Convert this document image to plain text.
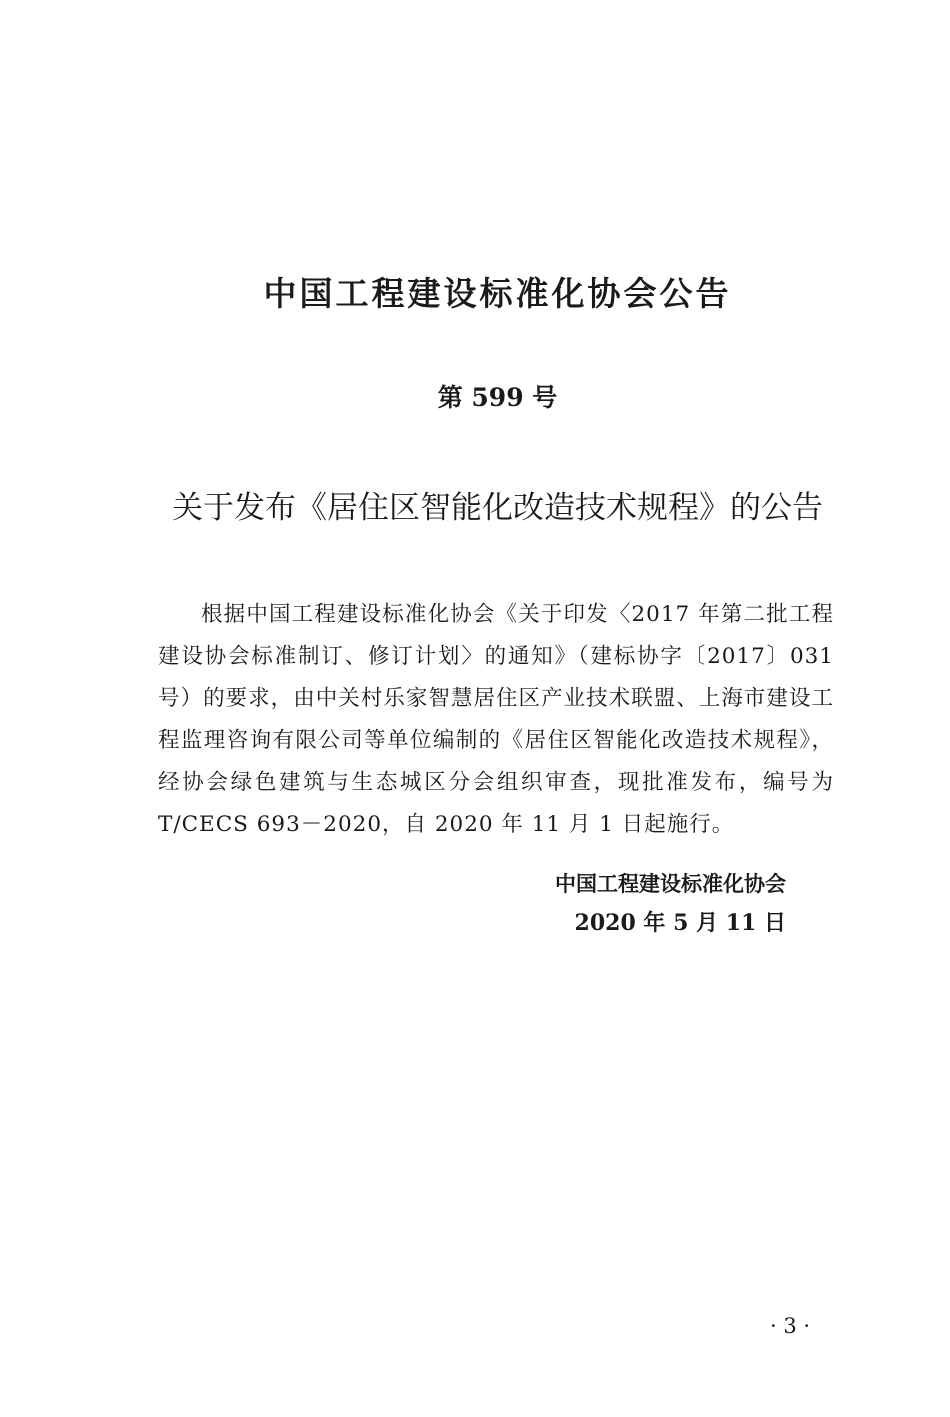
中国工程建设标准化协会公告
第 599 号
关于发布《居住区智能化改造技术规程》的公告
根据中国工程建设标准化协会《关于印发〈2017 年第二批工程建设协会标准制订、修订计划〉的通知》（建标协字〔2017〕031 号）的要求，由中关村乐家智慧居住区产业技术联盟、上海市建设工程监理咨询有限公司等单位编制的《居住区智能化改造技术规程》，经协会绿色建筑与生态城区分会组织审查，现批准发布，编号为 T/CECS 693－2020，自 2020 年 11 月 1 日起施行。
中国工程建设标准化协会
2020 年 5 月 11 日
· 3 ·
